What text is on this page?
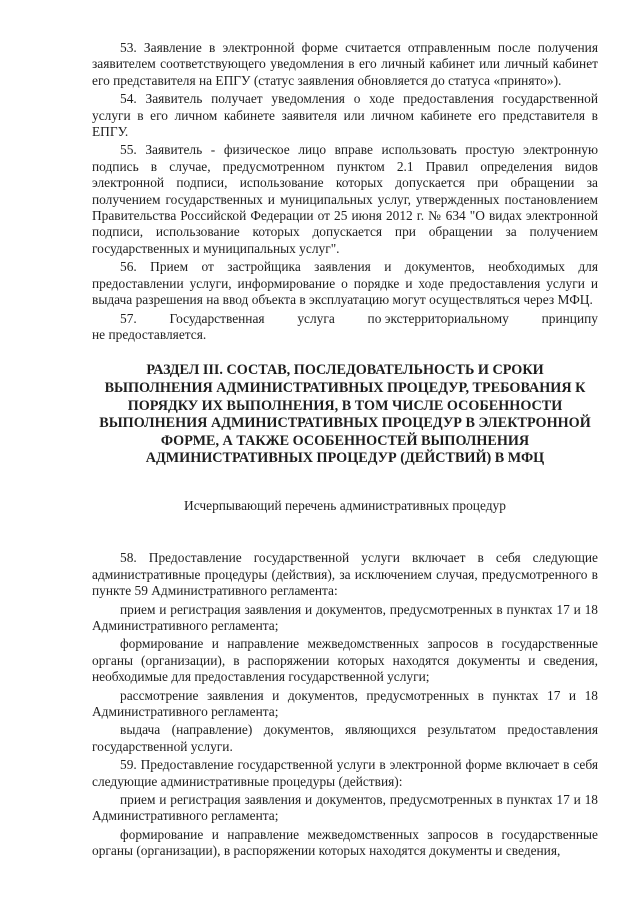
53. Заявление в электронной форме считается отправленным после получения заявителем соответствующего уведомления в его личный кабинет или личный кабинет его представителя на ЕПГУ (статус заявления обновляется до статуса «принято»).

54. Заявитель получает уведомления о ходе предоставления государственной услуги в его личном кабинете заявителя или личном кабинете его представителя в ЕПГУ.

55. Заявитель - физическое лицо вправе использовать простую электронную подпись в случае, предусмотренном пунктом 2.1 Правил определения видов электронной подписи, использование которых допускается при обращении за получением государственных и муниципальных услуг, утвержденных постановлением Правительства Российской Федерации от 25 июня 2012 г. № 634 "О видах электронной подписи, использование которых допускается при обращении за получением государственных и муниципальных услуг".

56. Прием от застройщика заявления и документов, необходимых для предоставлении услуги, информирование о порядке и ходе предоставления услуги и выдача разрешения на ввод объекта в эксплуатацию могут осуществляться через МФЦ.

57. Государственная услуга по экстерриториальному принципу

не предоставляется.

РАЗДЕЛ III. СОСТАВ, ПОСЛЕДОВАТЕЛЬНОСТЬ И СРОКИ ВЫПОЛНЕНИЯ АДМИНИСТРАТИВНЫХ ПРОЦЕДУР, ТРЕБОВАНИЯ К ПОРЯДКУ ИХ ВЫПОЛНЕНИЯ, В ТОМ ЧИСЛЕ ОСОБЕННОСТИ ВЫПОЛНЕНИЯ АДМИНИСТРАТИВНЫХ ПРОЦЕДУР В ЭЛЕКТРОННОЙ ФОРМЕ, А ТАКЖЕ ОСОБЕННОСТЕЙ ВЫПОЛНЕНИЯ АДМИНИСТРАТИВНЫХ ПРОЦЕДУР (ДЕЙСТВИЙ) В МФЦ
Исчерпывающий перечень административных процедур

58. Предоставление государственной услуги включает в себя следующие административные процедуры (действия), за исключением случая, предусмотренного в пункте 59 Административного регламента:

прием и регистрация заявления и документов, предусмотренных в пунктах 17 и 18 Административного регламента;

формирование и направление межведомственных запросов в государственные органы (организации), в распоряжении которых находятся документы и сведения, необходимые для предоставления государственной услуги;

рассмотрение заявления и документов, предусмотренных в пунктах 17 и 18 Административного регламента;

выдача (направление) документов, являющихся результатом предоставления государственной услуги.

59. Предоставление государственной услуги в электронной форме включает в себя следующие административные процедуры (действия):

прием и регистрация заявления и документов, предусмотренных в пунктах 17 и 18 Административного регламента;

формирование и направление межведомственных запросов в государственные органы (организации), в распоряжении которых находятся документы и сведения,
